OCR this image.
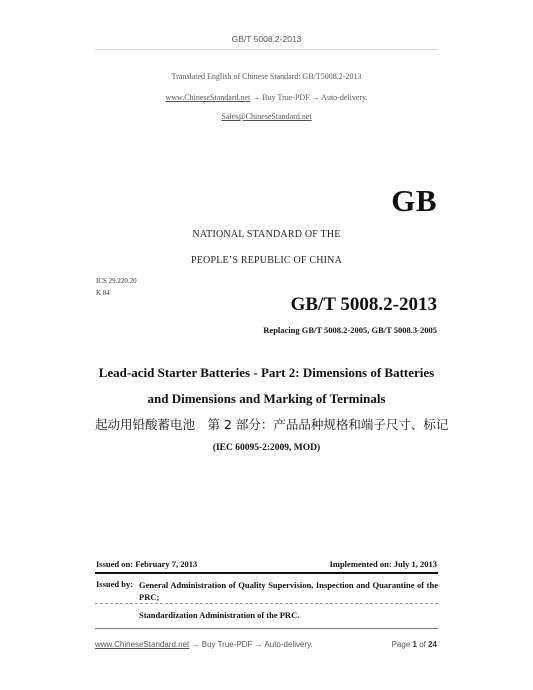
GB/T 5008.2-2013
Translated English of Chinese Standard: GB/T5008.2-2013
www.ChineseStandard.net → Buy True-PDF → Auto-delivery.
Sales@ChineseStandard.net
GB
NATIONAL STANDARD OF THE
PEOPLE’S REPUBLIC OF CHINA
ICS 29.220.20
K 84
GB/T 5008.2-2013
Replacing GB/T 5008.2-2005, GB/T 5008.3-2005
Lead-acid Starter Batteries - Part 2: Dimensions of Batteries
and Dimensions and Marking of Terminals
起动用铅酸蓄电池　第 2 部分：产品品种规格和端子尺寸、标记
(IEC 60095-2:2009, MOD)
Issued on: February 7, 2013	Implemented on: July 1, 2013
Issued by: General Administration of Quality Supervision, Inspection and Quarantine of the PRC;
Standardization Administration of the PRC.
www.ChineseStandard.net → Buy True-PDF → Auto-delivery.	Page 1 of 24
